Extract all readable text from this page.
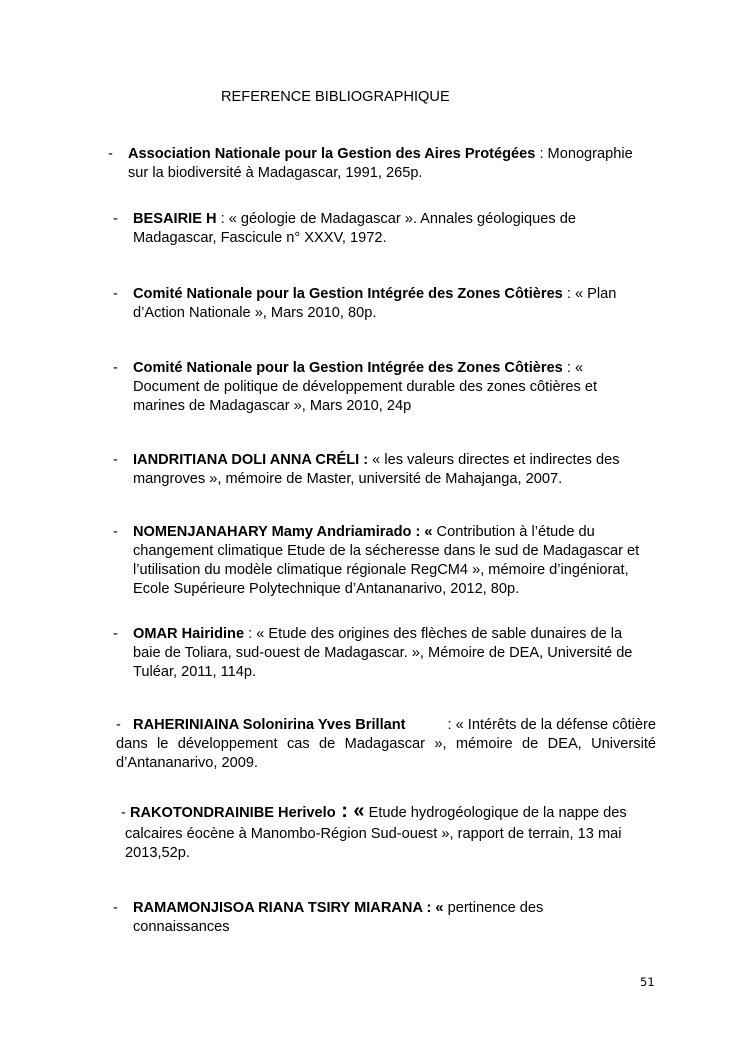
REFERENCE BIBLIOGRAPHIQUE
- Association Nationale pour la Gestion des Aires Protégées : Monographie
sur la biodiversité à Madagascar, 1991, 265p.
- BESAIRIE H : « géologie de Madagascar ». Annales géologiques de
Madagascar, Fascicule n° XXXV, 1972.
- Comité Nationale pour la Gestion Intégrée des Zones Côtières : « Plan
d’Action Nationale », Mars 2010, 80p.
- Comité Nationale pour la Gestion Intégrée des Zones Côtières : «
Document de politique de développement durable des zones côtières et
marines de Madagascar », Mars 2010, 24p
- IANDRITIANA DOLI ANNA CRÉLI : « les valeurs directes et indirectes des
mangroves », mémoire de Master, université de Mahajanga, 2007.
- NOMENJANAHARY Mamy Andriamirado : « Contribution à l’étude du
changement climatique Etude de la sécheresse dans le sud de Madagascar et
l’utilisation du modèle climatique régionale RegCM4 », mémoire d’ingéniorat,
Ecole Supérieure Polytechnique d’Antananarivo, 2012, 80p.
- OMAR Hairidine : « Etude des origines des flèches de sable dunaires de la
baie de Toliara, sud-ouest de Madagascar. », Mémoire de DEA, Université de
Tuléar, 2011, 114p.
- RAHERINIAINA Solonirina Yves Brillant	: « Intérêts de la défense côtière
dans le développement cas de Madagascar », mémoire de DEA, Université
d’Antananarivo, 2009.
- RAKOTONDRAINIBE Herivelo : « Etude hydrogéologique de la nappe des
calcaires éocène à Manombo-Région Sud-ouest », rapport de terrain, 13 mai
2013,52p.
- RAMAMONJISOA RIANA TSIRY MIARANA : « pertinence des
connaissances
51
